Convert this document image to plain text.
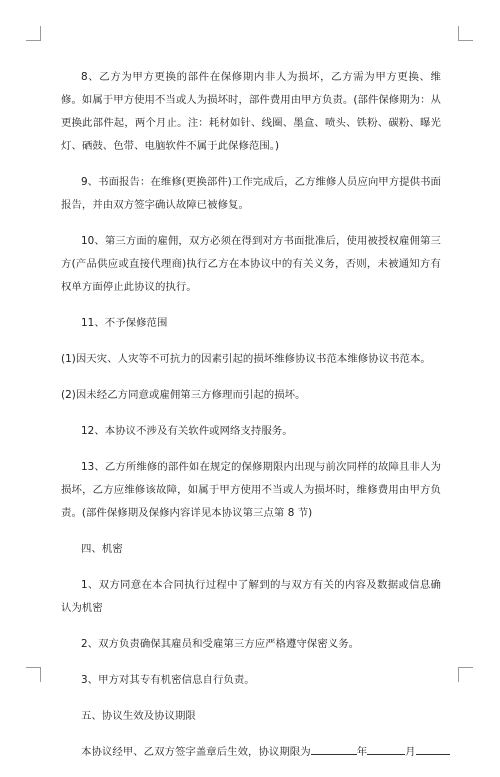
8、乙方为甲方更换的部件在保修期内非人为损坏，乙方需为甲方更换、维修。如属于甲方使用不当或人为损坏时，部件费用由甲方负责。(部件保修期为：从更换此部件起，两个月止。注：耗材如针、线圈、墨盒、喷头、铁粉、碳粉、曝光灯、硒鼓、色带、电脑软件不属于此保修范围。)

9、书面报告：在维修(更换部件)工作完成后，乙方维修人员应向甲方提供书面报告，并由双方签字确认故障已被修复。

10、第三方面的雇佣，双方必须在得到对方书面批准后，使用被授权雇佣第三方(产品供应或直接代理商)执行乙方在本协议中的有关义务，否则，未被通知方有权单方面停止此协议的执行。

11、不予保修范围

(1)因天灾、人灾等不可抗力的因素引起的损坏维修协议书范本维修协议书范本。

(2)因未经乙方同意或雇佣第三方修理而引起的损坏。

12、本协议不涉及有关软件或网络支持服务。

13、乙方所维修的部件如在规定的保修期限内出现与前次同样的故障且非人为损坏，乙方应维修该故障，如属于甲方使用不当或人为损坏时，维修费用由甲方负责。(部件保修期及保修内容详见本协议第三点第 8 节)

四、机密

1、双方同意在本合同执行过程中了解到的与双方有关的内容及数据或信息确认为机密

2、双方负责确保其雇员和受雇第三方应严格遵守保密义务。

3、甲方对其专有机密信息自行负责。

五、协议生效及协议期限

本协议经甲、乙双方签字盖章后生效，协议期限为	年	月
